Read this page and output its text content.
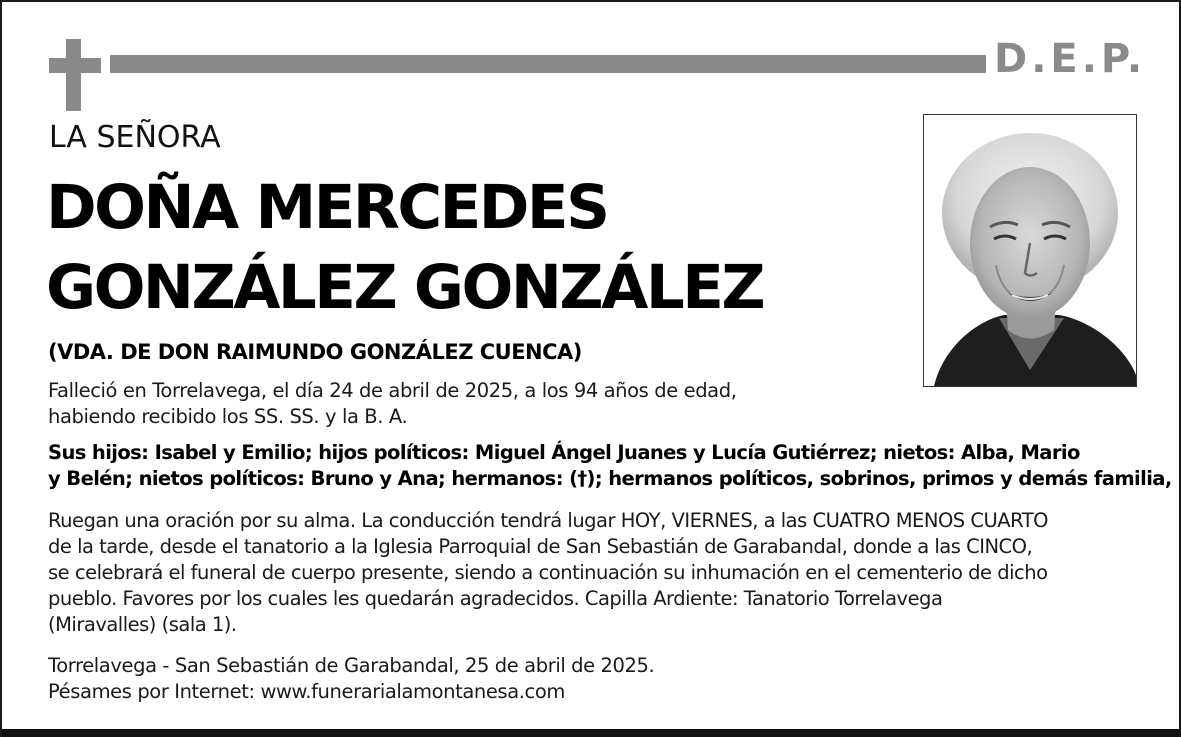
D.E.P.
LA SEÑORA
DOÑA MERCEDES
GONZÁLEZ GONZÁLEZ
(VDA. DE DON RAIMUNDO GONZÁLEZ CUENCA)
Falleció en Torrelavega, el día 24 de abril de 2025, a los 94 años de edad,
habiendo recibido los SS. SS. y la B. A.
Sus hijos: Isabel y Emilio; hijos políticos: Miguel Ángel Juanes y Lucía Gutiérrez; nietos: Alba, Mario
y Belén; nietos políticos: Bruno y Ana; hermanos: (†); hermanos políticos, sobrinos, primos y demás familia,
Ruegan una oración por su alma. La conducción tendrá lugar HOY, VIERNES, a las CUATRO MENOS CUARTO
de la tarde, desde el tanatorio a la Iglesia Parroquial de San Sebastián de Garabandal, donde a las CINCO,
se celebrará el funeral de cuerpo presente, siendo a continuación su inhumación en el cementerio de dicho
pueblo. Favores por los cuales les quedarán agradecidos. Capilla Ardiente: Tanatorio Torrelavega
(Miravalles) (sala 1).
Torrelavega - San Sebastián de Garabandal, 25 de abril de 2025.
Pésames por Internet: www.funerarialamontanesa.com
